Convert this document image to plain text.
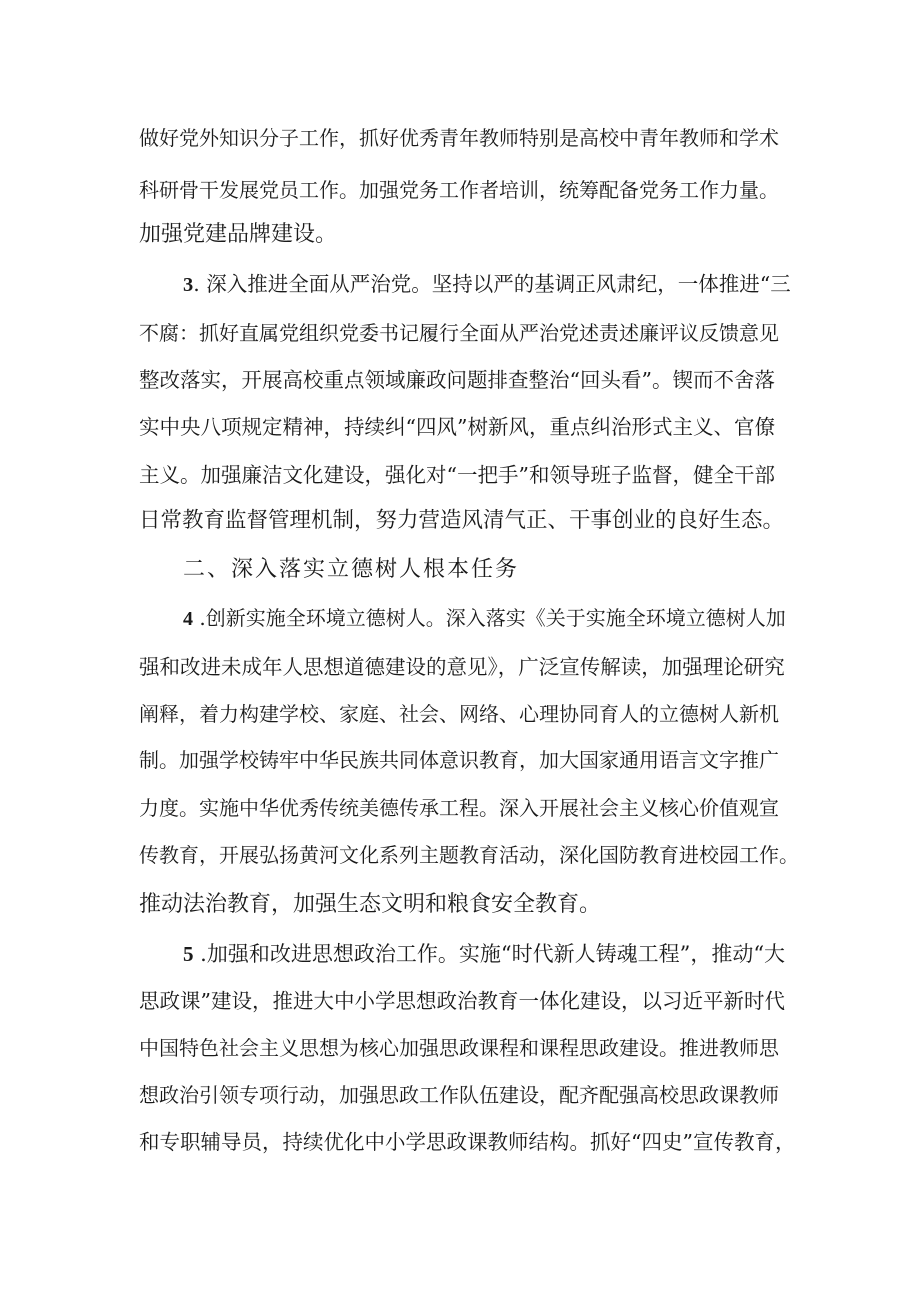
做好党外知识分子工作，抓好优秀青年教师特别是高校中青年教师和学术
科研骨干发展党员工作。加强党务工作者培训，统筹配备党务工作力量。
加强党建品牌建设。
3. 深入推进全面从严治党。坚持以严的基调正风肃纪，一体推进“三
不腐：抓好直属党组织党委书记履行全面从严治党述责述廉评议反馈意见
整改落实，开展高校重点领域廉政问题排查整治“回头看”。锲而不舍落
实中央八项规定精神，持续纠“四风”树新风，重点纠治形式主义、官僚
主义。加强廉洁文化建设，强化对“一把手”和领导班子监督，健全干部
日常教育监督管理机制，努力营造风清气正、干事创业的良好生态。
二、深入落实立德树人根本任务
4 .创新实施全环境立德树人。深入落实《关于实施全环境立德树人加
强和改进未成年人思想道德建设的意见》，广泛宣传解读，加强理论研究
阐释，着力构建学校、家庭、社会、网络、心理协同育人的立德树人新机
制。加强学校铸牢中华民族共同体意识教育，加大国家通用语言文字推广
力度。实施中华优秀传统美德传承工程。深入开展社会主义核心价值观宣
传教育，开展弘扬黄河文化系列主题教育活动，深化国防教育进校园工作。
推动法治教育，加强生态文明和粮食安全教育。
5 .加强和改进思想政治工作。实施“时代新人铸魂工程”，推动“大
思政课”建设，推进大中小学思想政治教育一体化建设，以习近平新时代
中国特色社会主义思想为核心加强思政课程和课程思政建设。推进教师思
想政治引领专项行动，加强思政工作队伍建设，配齐配强高校思政课教师
和专职辅导员，持续优化中小学思政课教师结构。抓好“四史”宣传教育，
